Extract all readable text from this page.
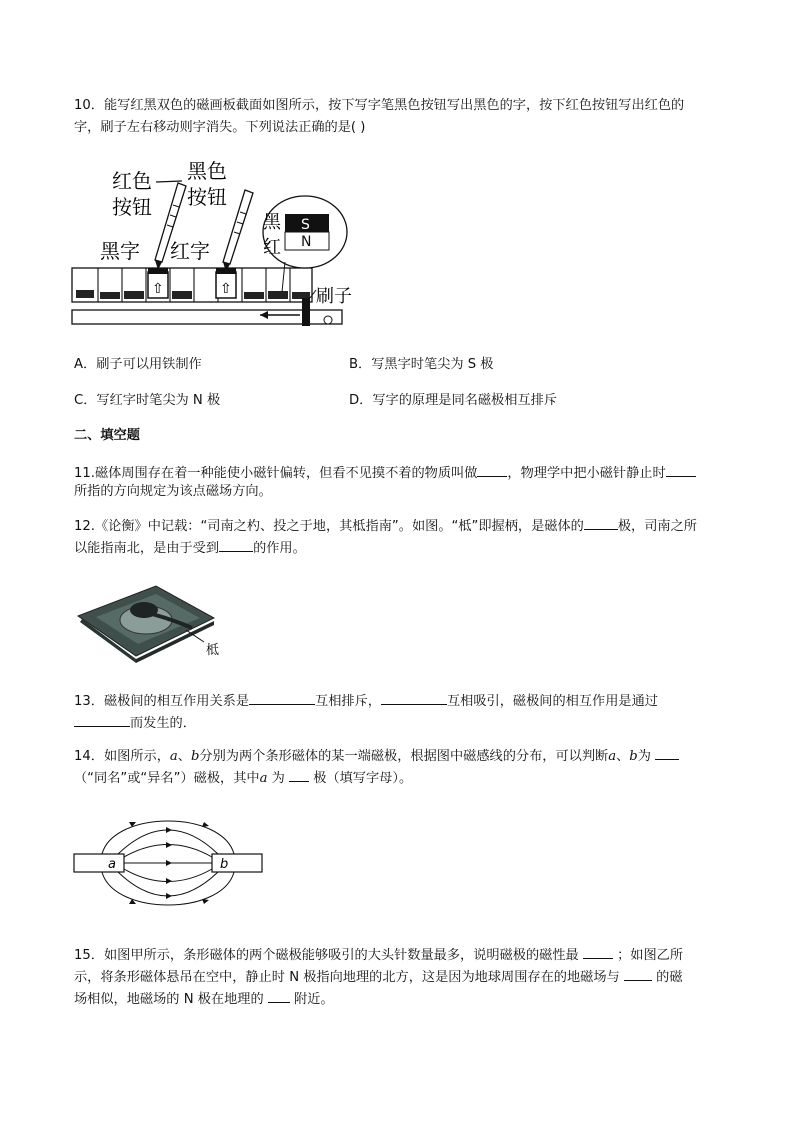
10．能写红黑双色的磁画板截面如图所示，按下写字笔黑色按钮写出黑色的字，按下红色按钮写出红色的
字，刷子左右移动则字消失。下列说法正确的是( )
红色
按钮
黑色
按钮
黑字 红字
⇧	⇧	刷子
黑
红
S
N
A．刷子可以用铁制作	B．写黑字时笔尖为 S 极
C．写红字时笔尖为 N 极	D．写字的原理是同名磁极相互排斥
二、填空题
11.磁体周围存在着一种能使小磁针偏转，但看不见摸不着的物质叫做 ，物理学中把小磁针静止时
所指的方向规定为该点磁场方向。
12.《论衡》中记载：“司南之杓、投之于地，其柢指南”。如图。“柢”即握柄，是磁体的	极，司南之所
以能指南北，是由于受到	的作用。
柢
13．磁极间的相互作用关系是	互相排斥，	互相吸引，磁极间的相互作用是通过
而发生的．
14．如图所示，a、b分别为两个条形磁体的某一端磁极，根据图中磁感线的分布，可以判断a、b为
（“同名”或“异名”）磁极，其中a 为 极（填写字母）。
a	b
15．如图甲所示，条形磁体的两个磁极能够吸引的大头针数量最多，说明磁极的磁性最	；如图乙所
示，将条形磁体悬吊在空中，静止时 N 极指向地理的北方，这是因为地球周围存在的地磁场与	的磁
场相似，地磁场的 N 极在地理的 附近。
